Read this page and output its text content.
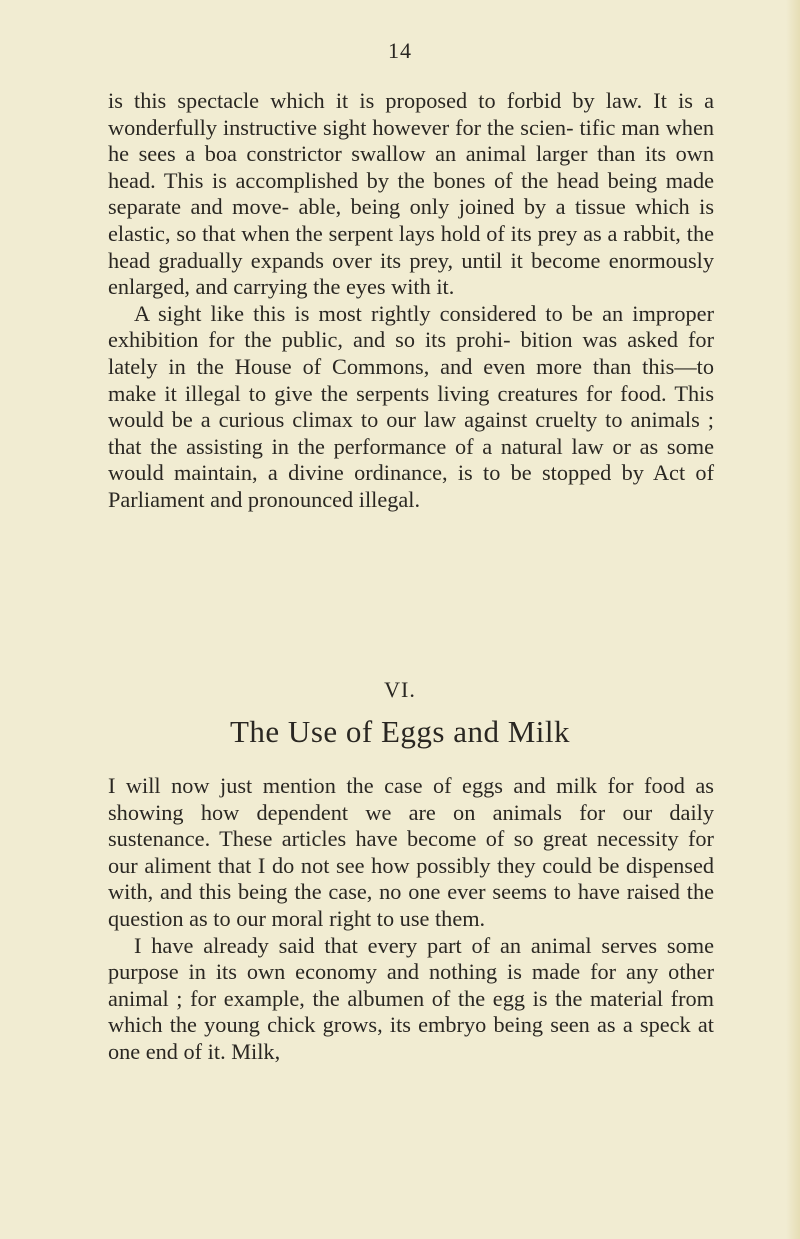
14

is this spectacle which it is proposed to forbid by law. It is a wonderfully instructive sight however for the scien- tific man when he sees a boa constrictor swallow an animal larger than its own head. This is accomplished by the bones of the head being made separate and move- able, being only joined by a tissue which is elastic, so that when the serpent lays hold of its prey as a rabbit, the head gradually expands over its prey, until it become enormously enlarged, and carrying the eyes with it.

A sight like this is most rightly considered to be an improper exhibition for the public, and so its prohi- bition was asked for lately in the House of Commons, and even more than this—to make it illegal to give the serpents living creatures for food. This would be a curious climax to our law against cruelty to animals ; that the assisting in the performance of a natural law or as some would maintain, a divine ordinance, is to be stopped by Act of Parliament and pronounced illegal.

VI.
The Use of Eggs and Milk

I will now just mention the case of eggs and milk for food as showing how dependent we are on animals for our daily sustenance. These articles have become of so great necessity for our aliment that I do not see how possibly they could be dispensed with, and this being the case, no one ever seems to have raised the question as to our moral right to use them.

I have already said that every part of an animal serves some purpose in its own economy and nothing is made for any other animal ; for example, the albumen of the egg is the material from which the young chick grows, its embryo being seen as a speck at one end of it. Milk,
